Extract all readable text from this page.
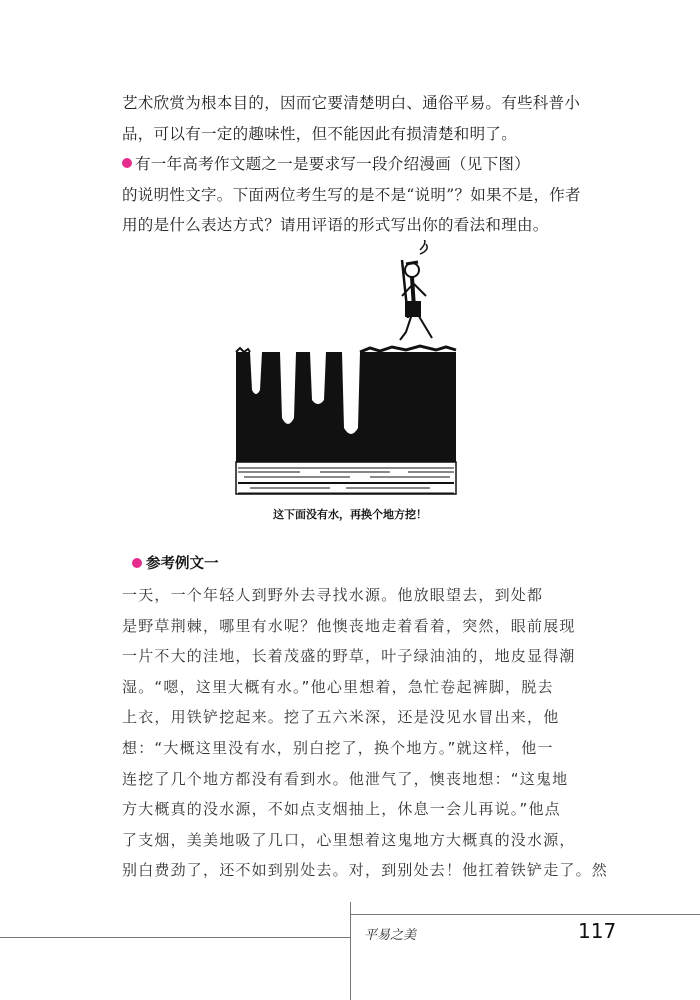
艺术欣赏为根本目的，因而它要清楚明白、通俗平易。有些科普小
品，可以有一定的趣味性，但不能因此有损清楚和明了。
有一年高考作文题之一是要求写一段介绍漫画（见下图）
的说明性文字。下面两位考生写的是不是“说明”？如果不是，作者
用的是什么表达方式？请用评语的形式写出你的看法和理由。
这下面没有水，再换个地方挖！
参考例文一
一天，一个年轻人到野外去寻找水源。他放眼望去，到处都
是野草荆棘，哪里有水呢？他懊丧地走着看着，突然，眼前展现
一片不大的洼地，长着茂盛的野草，叶子绿油油的，地皮显得潮
湿。“嗯，这里大概有水。”他心里想着，急忙卷起裤脚，脱去
上衣，用铁铲挖起来。挖了五六米深，还是没见水冒出来，他
想：“大概这里没有水，别白挖了，换个地方。”就这样，他一
连挖了几个地方都没有看到水。他泄气了，懊丧地想：“这鬼地
方大概真的没水源，不如点支烟抽上，休息一会儿再说。”他点
了支烟，美美地吸了几口，心里想着这鬼地方大概真的没水源，
别白费劲了，还不如到别处去。对，到别处去！他扛着铁铲走了。然
平易之美	117
